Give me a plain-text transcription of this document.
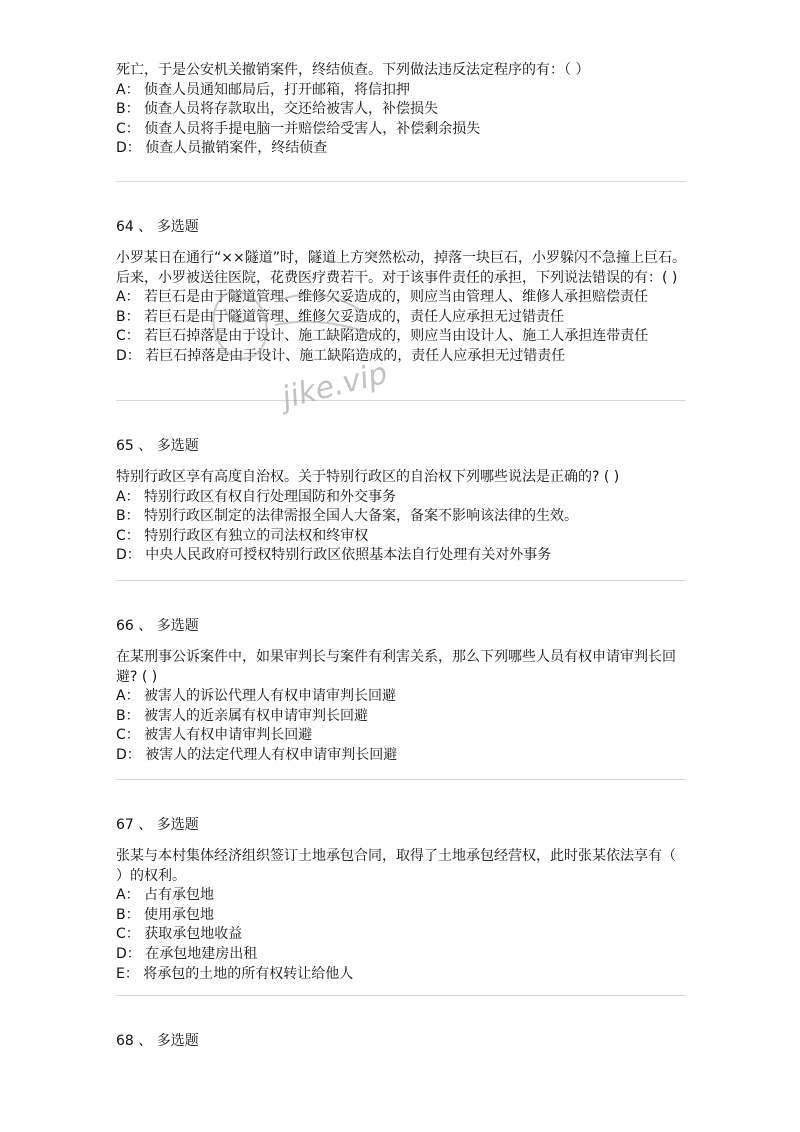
死亡，于是公安机关撤销案件，终结侦查。下列做法违反法定程序的有：（ ）
A： 侦查人员通知邮局后，打开邮箱，将信扣押
B： 侦查人员将存款取出，交还给被害人，补偿损失
C： 侦查人员将手提电脑一并赔偿给受害人，补偿剩余损失
D： 侦查人员撤销案件，终结侦查
64 、 多选题
小罗某日在通行“××隧道”时，隧道上方突然松动，掉落一块巨石，小罗躲闪不急撞上巨石。后来，小罗被送往医院，花费医疗费若干。对于该事件责任的承担，下列说法错误的有：( )
A： 若巨石是由于隧道管理、维修欠妥造成的，则应当由管理人、维修人承担赔偿责任
B： 若巨石是由于隧道管理、维修欠妥造成的，责任人应承担无过错责任
C： 若巨石掉落是由于设计、施工缺陷造成的，则应当由设计人、施工人承担连带责任
D： 若巨石掉落是由于设计、施工缺陷造成的，责任人应承担无过错责任
65 、 多选题
特别行政区享有高度自治权。关于特别行政区的自治权下列哪些说法是正确的? ( )
A： 特别行政区有权自行处理国防和外交事务
B： 特别行政区制定的法律需报全国人大备案，备案不影响该法律的生效。
C： 特别行政区有独立的司法权和终审权
D： 中央人民政府可授权特别行政区依照基本法自行处理有关对外事务
66 、 多选题
在某刑事公诉案件中，如果审判长与案件有利害关系，那么下列哪些人员有权申请审判长回避? ( )
A： 被害人的诉讼代理人有权申请审判长回避
B： 被害人的近亲属有权申请审判长回避
C： 被害人有权申请审判长回避
D： 被害人的法定代理人有权申请审判长回避
67 、 多选题
张某与本村集体经济组织签订土地承包合同，取得了土地承包经营权，此时张某依法享有（ ）的权利。
A： 占有承包地
B： 使用承包地
C： 获取承包地收益
D： 在承包地建房出租
E： 将承包的土地的所有权转让给他人
68 、 多选题
jike.vip
